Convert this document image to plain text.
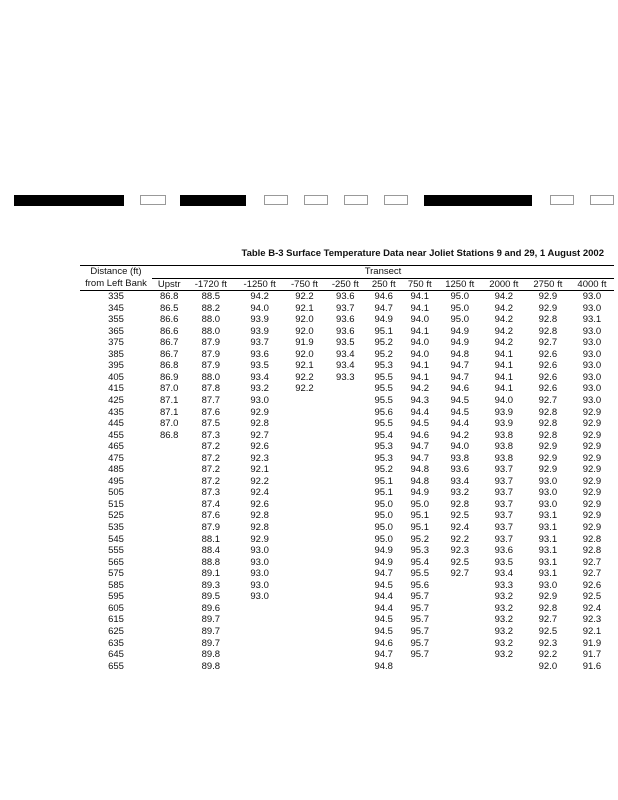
Table B-3 Surface Temperature Data near Joliet Stations 9 and 29, 1 August 2002
Distance (ft)	Transect										
from Left Bank	Upstr	-1720 ft	-1250 ft	-750 ft	-250 ft	250 ft	750 ft	1250 ft	2000 ft	2750 ft	4000 ft
335	86.8	88.5	94.2	92.2	93.6	94.6	94.1	95.0	94.2	92.9	93.0
345	86.5	88.2	94.0	92.1	93.7	94.7	94.1	95.0	94.2	92.9	93.0
355	86.6	88.0	93.9	92.0	93.6	94.9	94.0	95.0	94.2	92.8	93.1
365	86.6	88.0	93.9	92.0	93.6	95.1	94.1	94.9	94.2	92.8	93.0
375	86.7	87.9	93.7	91.9	93.5	95.2	94.0	94.9	94.2	92.7	93.0
385	86.7	87.9	93.6	92.0	93.4	95.2	94.0	94.8	94.1	92.6	93.0
395	86.8	87.9	93.5	92.1	93.4	95.3	94.1	94.7	94.1	92.6	93.0
405	86.9	88.0	93.4	92.2	93.3	95.5	94.1	94.7	94.1	92.6	93.0
415	87.0	87.8	93.2	92.2		95.5	94.2	94.6	94.1	92.6	93.0
425	87.1	87.7	93.0			95.5	94.3	94.5	94.0	92.7	93.0
435	87.1	87.6	92.9			95.6	94.4	94.5	93.9	92.8	92.9
445	87.0	87.5	92.8			95.5	94.5	94.4	93.9	92.8	92.9
455	86.8	87.3	92.7			95.4	94.6	94.2	93.8	92.8	92.9
465		87.2	92.6			95.3	94.7	94.0	93.8	92.9	92.9
475		87.2	92.3			95.3	94.7	93.8	93.8	92.9	92.9
485		87.2	92.1			95.2	94.8	93.6	93.7	92.9	92.9
495		87.2	92.2			95.1	94.8	93.4	93.7	93.0	92.9
505		87.3	92.4			95.1	94.9	93.2	93.7	93.0	92.9
515		87.4	92.6			95.0	95.0	92.8	93.7	93.0	92.9
525		87.6	92.8			95.0	95.1	92.5	93.7	93.1	92.9
535		87.9	92.8			95.0	95.1	92.4	93.7	93.1	92.9
545		88.1	92.9			95.0	95.2	92.2	93.7	93.1	92.8
555		88.4	93.0			94.9	95.3	92.3	93.6	93.1	92.8
565		88.8	93.0			94.9	95.4	92.5	93.5	93.1	92.7
575		89.1	93.0			94.7	95.5	92.7	93.4	93.1	92.7
585		89.3	93.0			94.5	95.6		93.3	93.0	92.6
595		89.5	93.0			94.4	95.7		93.2	92.9	92.5
605		89.6				94.4	95.7		93.2	92.8	92.4
615		89.7				94.5	95.7		93.2	92.7	92.3
625		89.7				94.5	95.7		93.2	92.5	92.1
635		89.7				94.6	95.7		93.2	92.3	91.9
645		89.8				94.7	95.7		93.2	92.2	91.7
655		89.8				94.8				92.0	91.6
